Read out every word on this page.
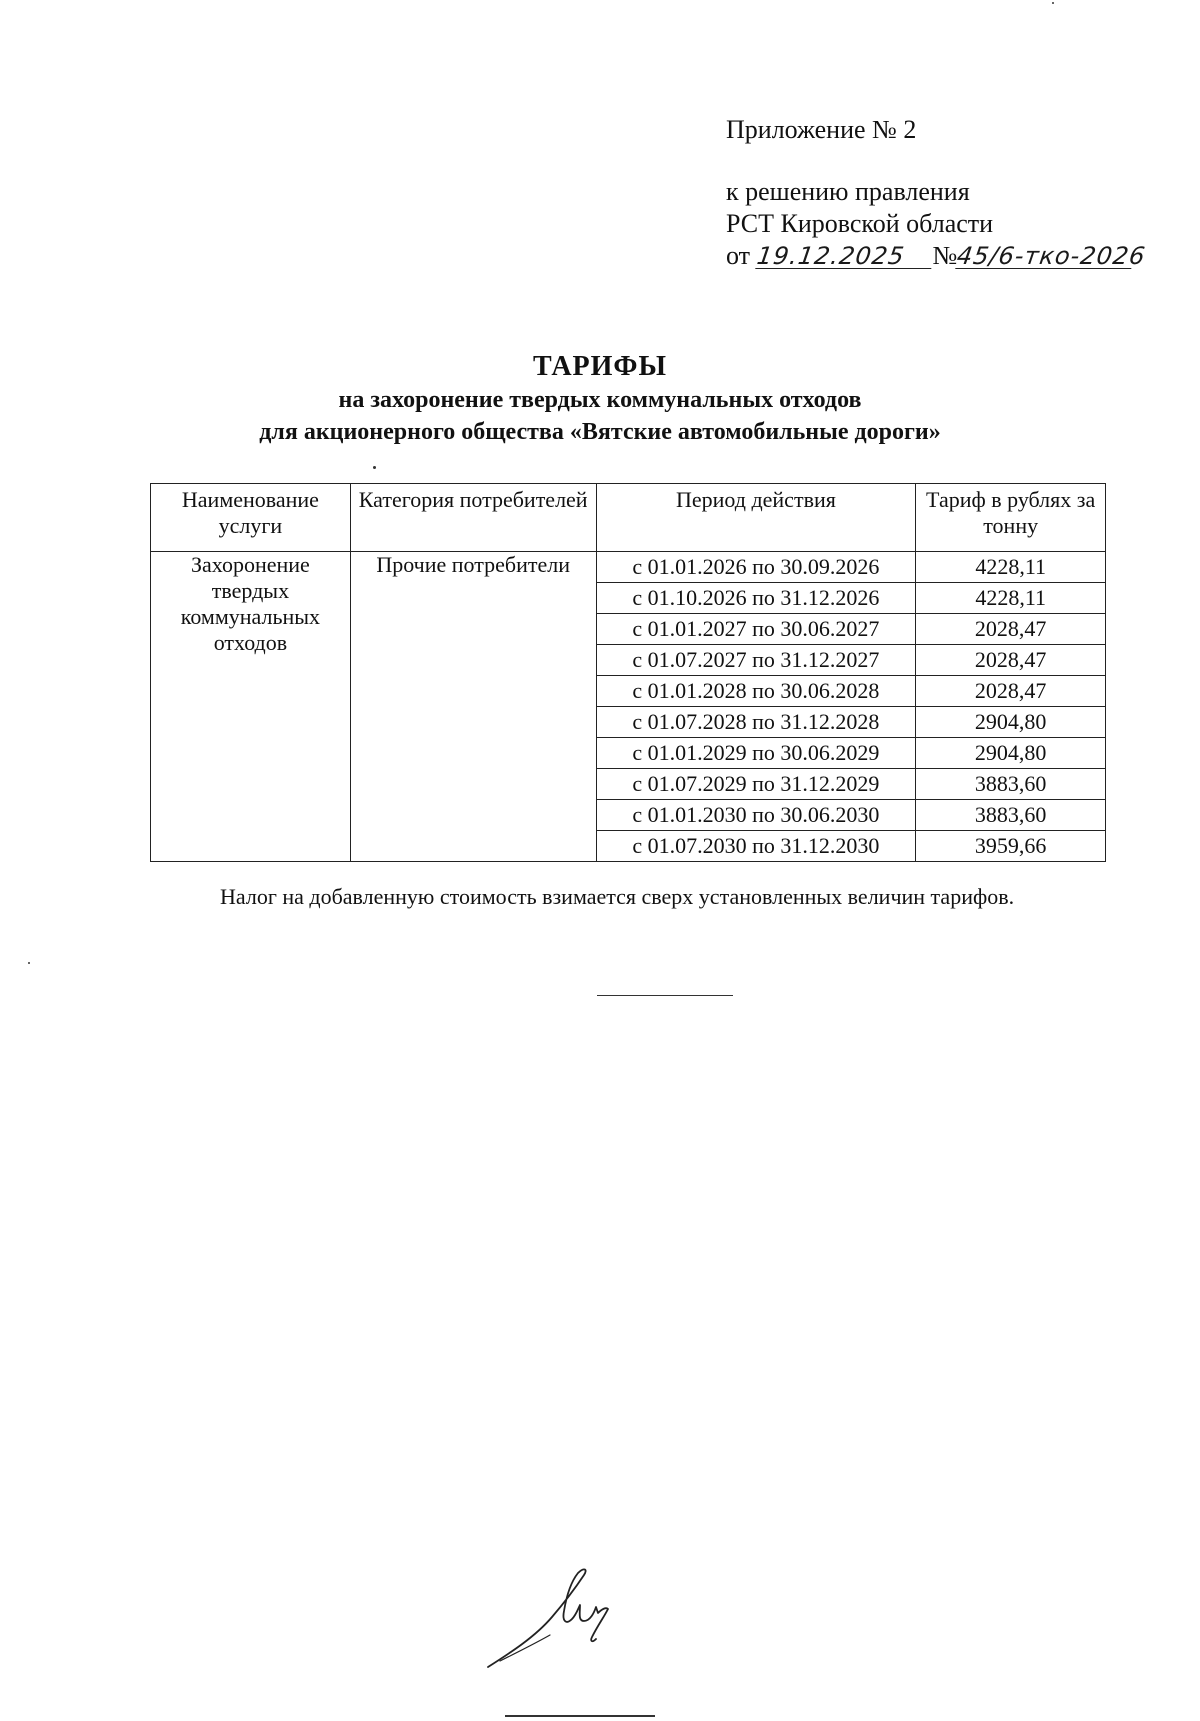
Приложение № 2
к решению правления
РСТ Кировской области
от 19.12.2025 №45/6-тко-2026
ТАРИФЫ
на захоронение твердых коммунальных отходов
для акционерного общества «Вятские автомобильные дороги»
Наименование услуги	Категория потребителей	Период действия	Тариф в рублях за тонну
Захоронение твердых коммунальных отходов	Прочие потребители	с 01.01.2026 по 30.09.2026	4228,11
		с 01.10.2026 по 31.12.2026	4228,11
		с 01.01.2027 по 30.06.2027	2028,47
		с 01.07.2027 по 31.12.2027	2028,47
		с 01.01.2028 по 30.06.2028	2028,47
		с 01.07.2028 по 31.12.2028	2904,80
		с 01.01.2029 по 30.06.2029	2904,80
		с 01.07.2029 по 31.12.2029	3883,60
		с 01.01.2030 по 30.06.2030	3883,60
		с 01.07.2030 по 31.12.2030	3959,66
Налог на добавленную стоимость взимается сверх установленных величин тарифов.
